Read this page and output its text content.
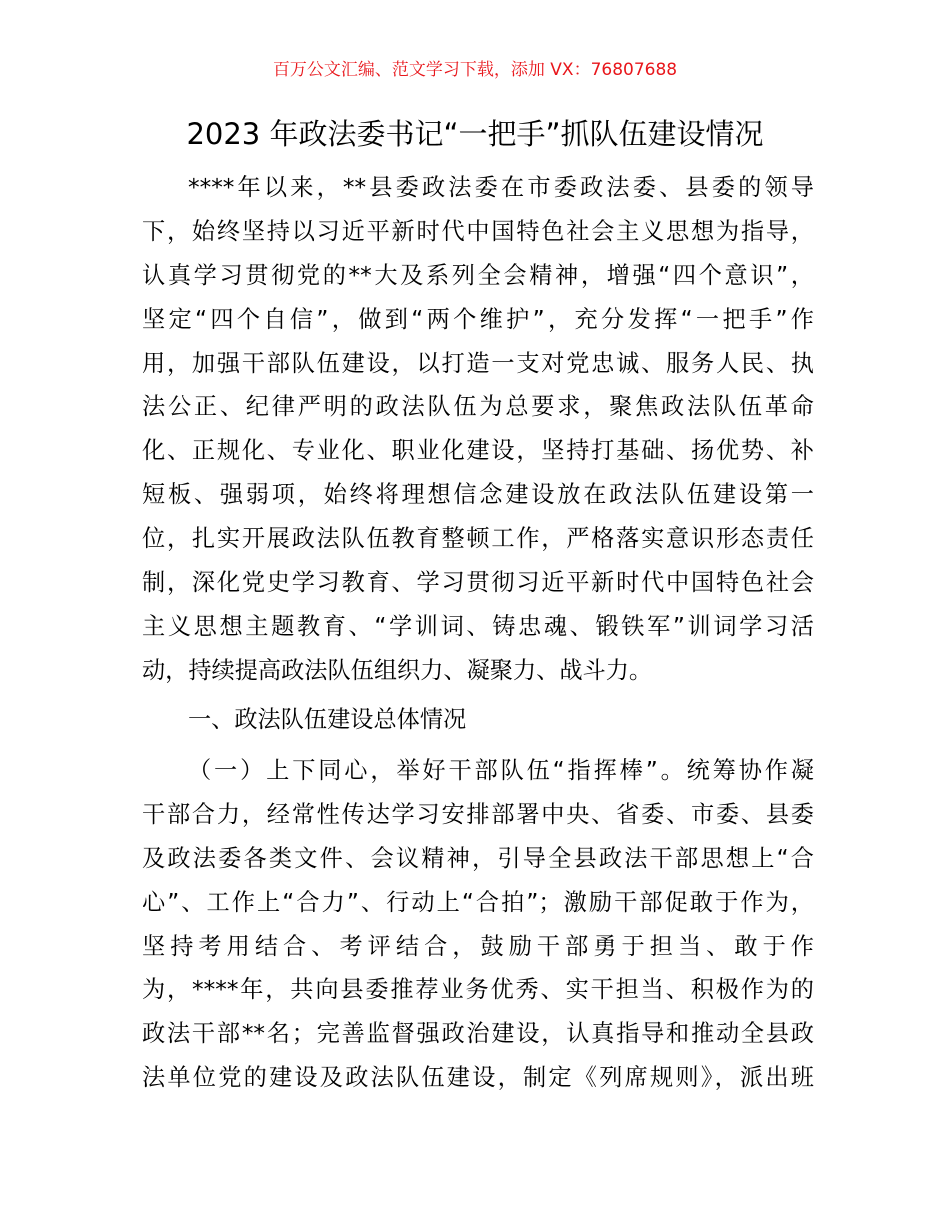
百万公文汇编、范文学习下载，添加 VX：76807688
2023 年政法委书记“一把手”抓队伍建设情况
****年以来，**县委政法委在市委政法委、县委的领导
下，始终坚持以习近平新时代中国特色社会主义思想为指导，
认真学习贯彻党的**大及系列全会精神，增强“四个意识”，
坚定“四个自信”，做到“两个维护”，充分发挥“一把手”作
用，加强干部队伍建设，以打造一支对党忠诚、服务人民、执
法公正、纪律严明的政法队伍为总要求，聚焦政法队伍革命
化、正规化、专业化、职业化建设，坚持打基础、扬优势、补
短板、强弱项，始终将理想信念建设放在政法队伍建设第一
位，扎实开展政法队伍教育整顿工作，严格落实意识形态责任
制，深化党史学习教育、学习贯彻习近平新时代中国特色社会
主义思想主题教育、“学训词、铸忠魂、锻铁军”训词学习活
动，持续提高政法队伍组织力、凝聚力、战斗力。
一、政法队伍建设总体情况
（一）上下同心，举好干部队伍“指挥棒”。统筹协作凝
干部合力，经常性传达学习安排部署中央、省委、市委、县委
及政法委各类文件、会议精神，引导全县政法干部思想上“合
心”、工作上“合力”、行动上“合拍”；激励干部促敢于作为，
坚持考用结合、考评结合，鼓励干部勇于担当、敢于作
为，****年，共向县委推荐业务优秀、实干担当、积极作为的
政法干部**名；完善监督强政治建设，认真指导和推动全县政
法单位党的建设及政法队伍建设，制定《列席规则》，派出班
